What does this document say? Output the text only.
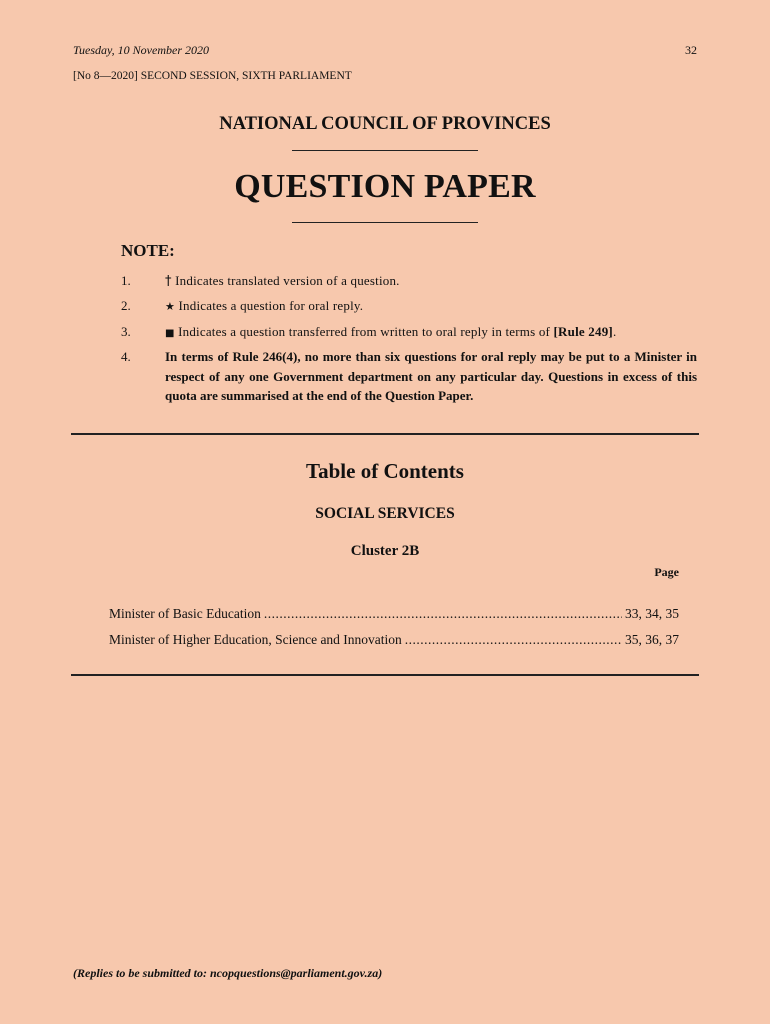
Tuesday, 10 November 2020	32
[No 8—2020] SECOND SESSION, SIXTH PARLIAMENT
NATIONAL COUNCIL OF PROVINCES
QUESTION PAPER
NOTE:
1.	† Indicates translated version of a question.
2.	★ Indicates a question for oral reply.
3.	■ Indicates a question transferred from written to oral reply in terms of [Rule 249].
4.	In terms of Rule 246(4), no more than six questions for oral reply may be put to a Minister in respect of any one Government department on any particular day. Questions in excess of this quota are summarised at the end of the Question Paper.
Table of Contents
SOCIAL SERVICES
Cluster 2B
Page
Minister of Basic Education .....	33, 34, 35
Minister of Higher Education, Science and Innovation .....	35, 36, 37
(Replies to be submitted to: ncopquestions@parliament.gov.za)
